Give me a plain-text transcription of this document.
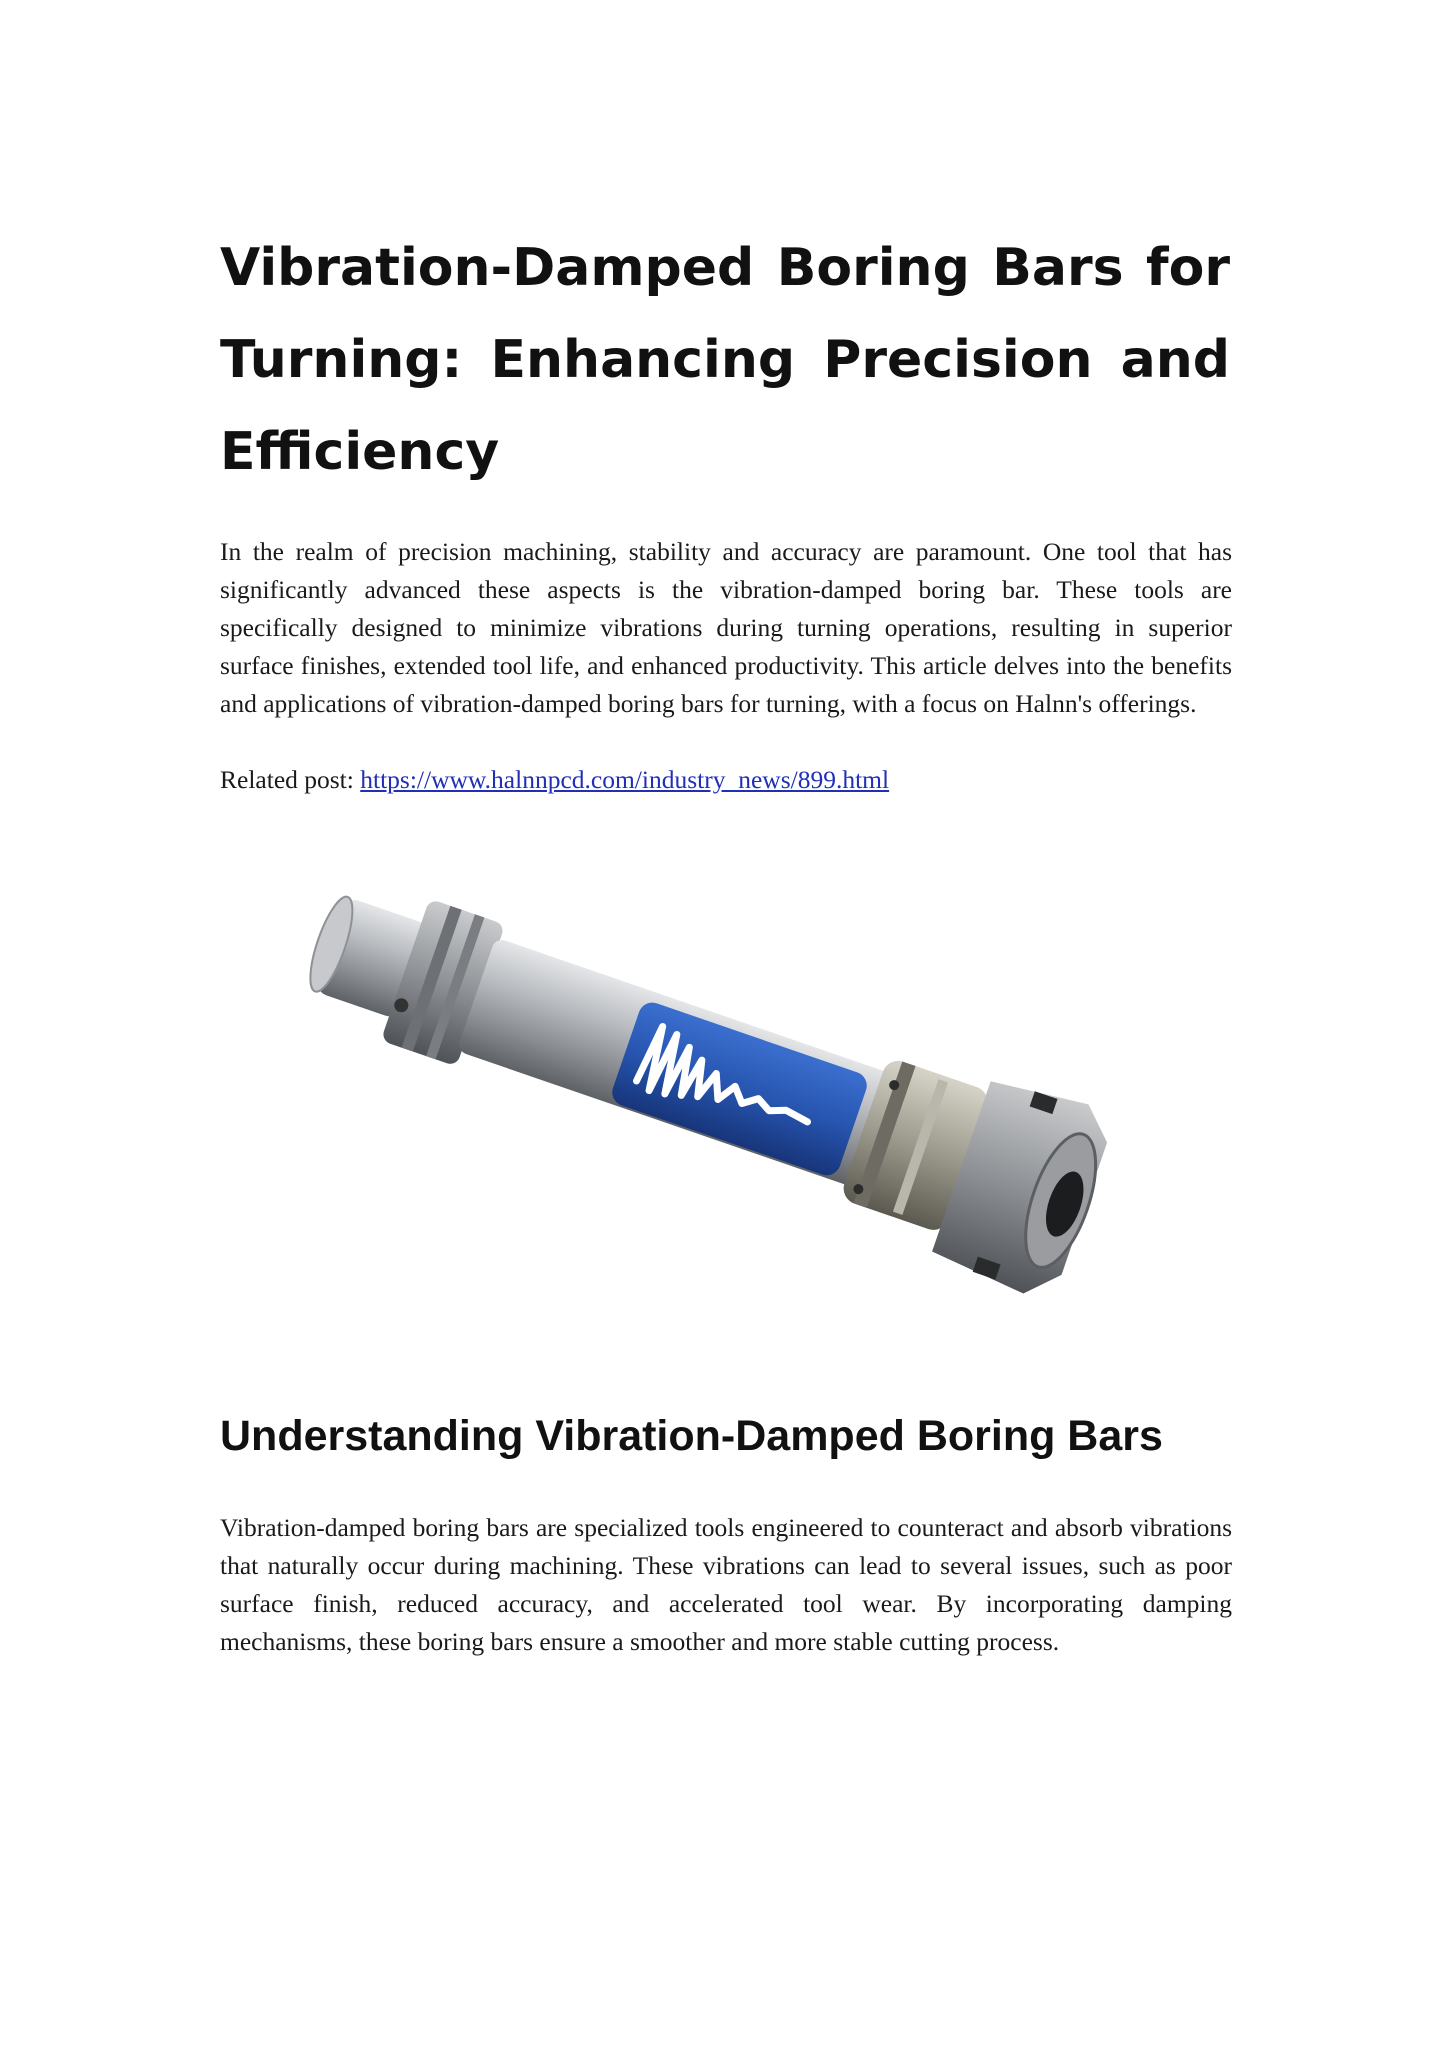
Vibration-Damped Boring Bars for Turning: Enhancing Precision and Efficiency

In the realm of precision machining, stability and accuracy are paramount. One tool that has significantly advanced these aspects is the vibration-damped boring bar. These tools are specifically designed to minimize vibrations during turning operations, resulting in superior surface finishes, extended tool life, and enhanced productivity. This article delves into the benefits and applications of vibration-damped boring bars for turning, with a focus on Halnn's offerings.

Related post: https://www.halnnpcd.com/industry_news/899.html

Understanding Vibration-Damped Boring Bars

Vibration-damped boring bars are specialized tools engineered to counteract and absorb vibrations that naturally occur during machining. These vibrations can lead to several issues, such as poor surface finish, reduced accuracy, and accelerated tool wear. By incorporating damping mechanisms, these boring bars ensure a smoother and more stable cutting process.
